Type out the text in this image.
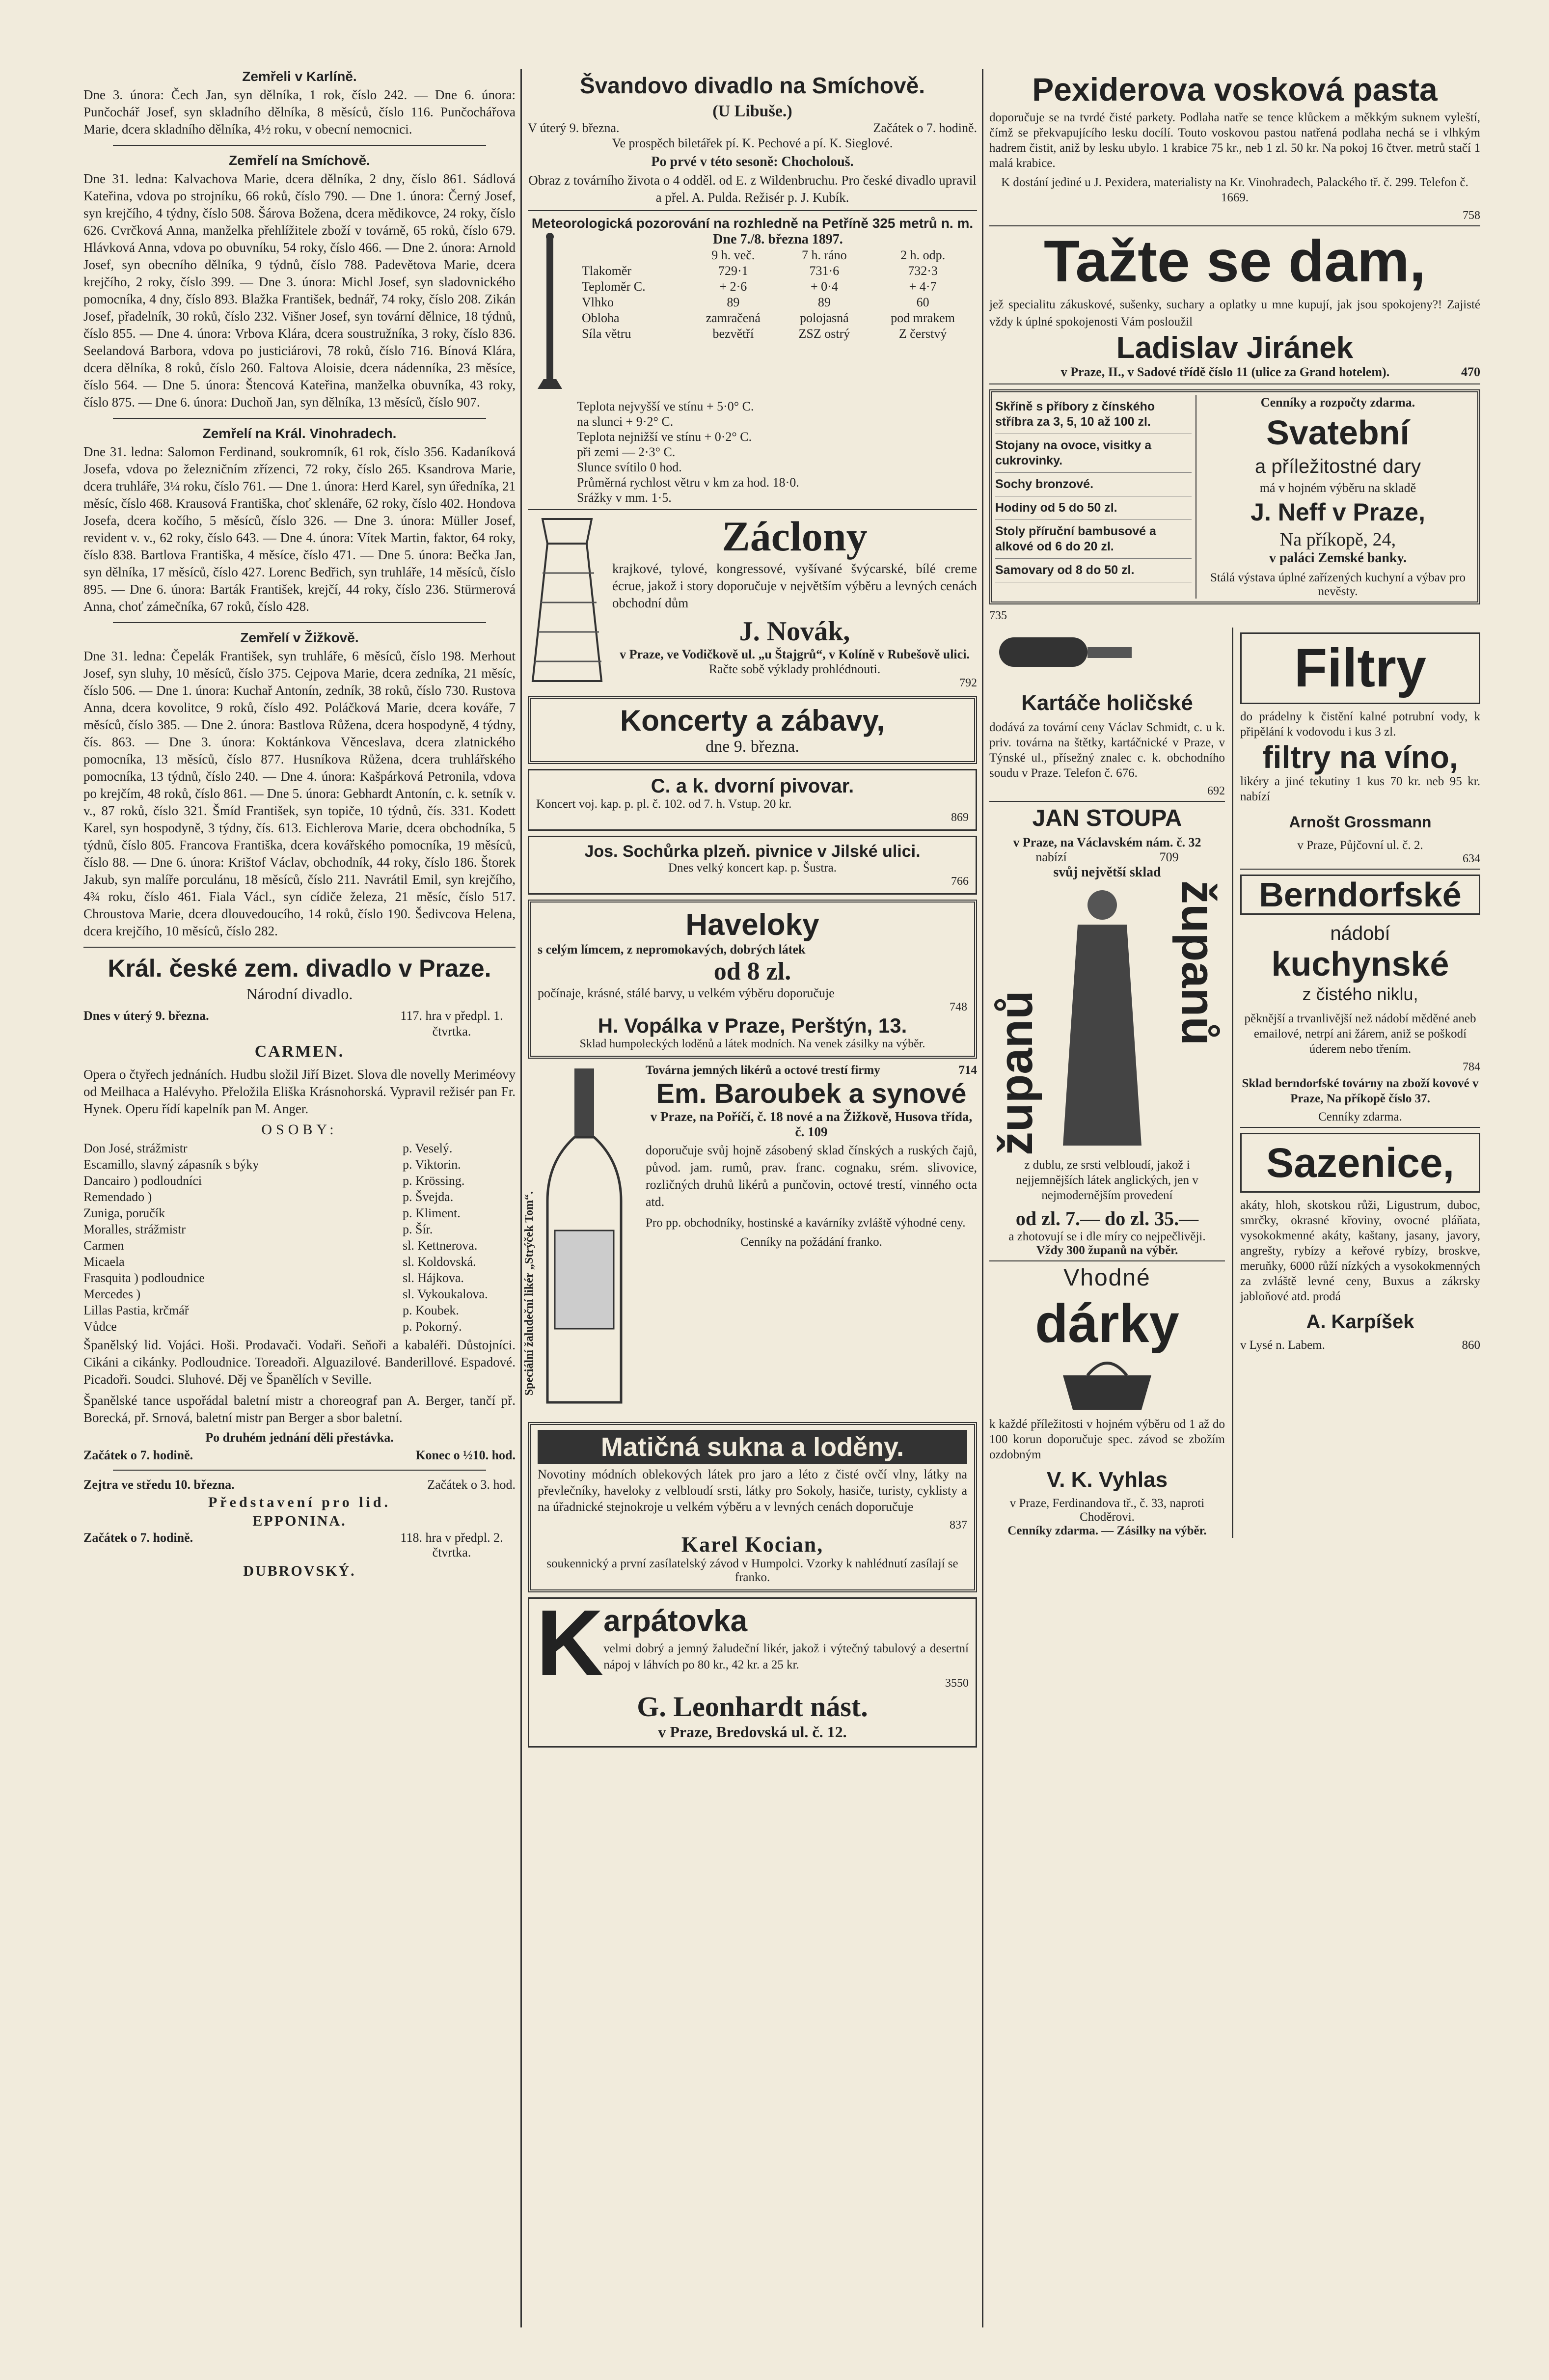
Zemřeli v Karlíně.

Dne 3. února: Čech Jan, syn dělníka, 1 rok, číslo 242. — Dne 6. února: Punčochář Josef, syn skladního dělníka, 8 měsíců, číslo 116. Punčochářova Marie, dcera skladního dělníka, 4½ roku, v obecní nemocnici.

Zemřelí na Smíchově.

Dne 31. ledna: Kalvachova Marie, dcera dělníka, 2 dny, číslo 861. Sádlová Kateřina, vdova po strojníku, 66 roků, číslo 790. — Dne 1. února: Černý Josef, syn krejčího, 4 týdny, číslo 508. Šárova Božena, dcera mědikovce, 24 roky, číslo 626. Cvrčková Anna, manželka přehlížitele zboží v továrně, 65 roků, číslo 679. Hlávková Anna, vdova po obuvníku, 54 roky, číslo 466. — Dne 2. února: Arnold Josef, syn obecního dělníka, 9 týdnů, číslo 788. Padevětova Marie, dcera krejčího, 2 roky, číslo 399. — Dne 3. února: Michl Josef, syn sladovnického pomocníka, 4 dny, číslo 893. Blažka František, bednář, 74 roky, číslo 208. Zikán Josef, přadelník, 30 roků, číslo 232. Višner Josef, syn tovární dělnice, 18 týdnů, číslo 855. — Dne 4. února: Vrbova Klára, dcera soustružníka, 3 roky, číslo 836. Seelandová Barbora, vdova po justiciárovi, 78 roků, číslo 716. Bínová Klára, dcera dělníka, 8 roků, číslo 260. Faltova Aloisie, dcera nádenníka, 23 měsíce, číslo 564. — Dne 5. února: Štencová Kateřina, manželka obuvníka, 43 roky, číslo 875. — Dne 6. února: Duchoň Jan, syn dělníka, 13 měsíců, číslo 907.

Zemřelí na Král. Vinohradech.

Dne 31. ledna: Salomon Ferdinand, soukromník, 61 rok, číslo 356. Kadaníková Josefa, vdova po železničním zřízenci, 72 roky, číslo 265. Ksandrova Marie, dcera truhláře, 3¼ roku, číslo 761. — Dne 1. února: Herd Karel, syn úředníka, 21 měsíc, číslo 468. Krausová Františka, choť sklenáře, 62 roky, číslo 402. Hondova Josefa, dcera kočího, 5 měsíců, číslo 326. — Dne 3. února: Müller Josef, revident v. v., 62 roky, číslo 643. — Dne 4. února: Vítek Martin, faktor, 64 roky, číslo 838. Bartlova Františka, 4 měsíce, číslo 471. — Dne 5. února: Bečka Jan, syn dělníka, 17 měsíců, číslo 427. Lorenc Bedřich, syn truhláře, 14 měsíců, číslo 895. — Dne 6. února: Barták František, krejčí, 44 roky, číslo 236. Stürmerová Anna, choť zámečníka, 67 roků, číslo 428.

Zemřelí v Žižkově.

Dne 31. ledna: Čepelák František, syn truhláře, 6 měsíců, číslo 198. Merhout Josef, syn sluhy, 10 měsíců, číslo 375. Cejpova Marie, dcera zedníka, 21 měsíc, číslo 506. — Dne 1. února: Kuchař Antonín, zedník, 38 roků, číslo 730. Rustova Anna, dcera kovolitce, 9 roků, číslo 492. Poláčková Marie, dcera kováře, 7 měsíců, číslo 385. — Dne 2. února: Bastlova Růžena, dcera hospodyně, 4 týdny, čís. 863. — Dne 3. února: Koktánkova Věnceslava, dcera zlatnického pomocníka, 13 měsíců, číslo 877. Husníkova Růžena, dcera truhlářského pomocníka, 13 týdnů, číslo 240. — Dne 4. února: Kašpárková Petronila, vdova po krejčím, 48 roků, číslo 861. — Dne 5. února: Gebhardt Antonín, c. k. setník v. v., 87 roků, číslo 321. Šmíd František, syn topiče, 10 týdnů, čís. 331. Kodett Karel, syn hospodyně, 3 týdny, čís. 613. Eichlerova Marie, dcera obchodníka, 5 týdnů, číslo 805. Francova Františka, dcera kovářského pomocníka, 19 měsíců, číslo 88. — Dne 6. února: Krištof Václav, obchodník, 44 roky, číslo 186. Štorek Jakub, syn malíře porculánu, 18 měsíců, číslo 211. Navrátil Emil, syn krejčího, 4¾ roku, číslo 461. Fiala Václ., syn cídiče železa, 21 měsíc, číslo 517. Chroustova Marie, dcera dlouvedoucího, 14 roků, číslo 190. Šedivcova Helena, dcera krejčího, 10 měsíců, číslo 282.

Král. české zem. divadlo v Praze.
Národní divadlo.
Dnes v úterý 9. března.	117. hra v předpl. 1. čtvrtka.
CARMEN.

Opera o čtyřech jednáních. Hudbu složil Jiří Bizet. Slova dle novelly Meriméovy od Meilhaca a Halévyho. Přeložila Eliška Krásnohorská. Vypravil režisér pan Fr. Hynek. Operu řídí kapelník pan M. Anger.

OSOBY:
Don José, strážmistr	p. Veselý.
Escamillo, slavný zápasník s býky	p. Viktorin.
Dancairo ) podloudníci	p. Krössing.
Remendado )	p. Švejda.
Zuniga, poručík	p. Kliment.
Moralles, strážmistr	p. Šír.
Carmen	sl. Kettnerova.
Micaela	sl. Koldovská.
Frasquita ) podloudnice	sl. Hájkova.
Mercedes )	sl. Vykoukalova.
Lillas Pastia, krčmář	p. Koubek.
Vůdce	p. Pokorný.

Španělský lid. Vojáci. Hoši. Prodavači. Vodaři. Seňoři a kabaléři. Důstojníci. Cikáni a cikánky. Podloudnice. Toreadoři. Alguazilové. Banderillové. Espadové. Picadoři. Soudci. Sluhové. Děj ve Španělích v Seville.

Španělské tance uspořádal baletní mistr a choreograf pan A. Berger, tančí př. Borecká, př. Srnová, baletní mistr pan Berger a sbor baletní.

Po druhém jednání děli přestávka.
Začátek o 7. hodině.	Konec o ½10. hod.
Zejtra ve středu 10. března.	Začátek o 3. hod.
Představení pro lid.
EPPONINA.
Začátek o 7. hodině.	118. hra v předpl. 2. čtvrtka.
DUBROVSKÝ.
Švandovo divadlo na Smíchově.
(U Libuše.)
V úterý 9. března.	Začátek o 7. hodině.
Ve prospěch biletářek pí. K. Pechové a pí. K. Sieglové.
Po prvé v této sesoně: Chocholouš.

Obraz z továrního života o 4 odděl. od E. z Wildenbruchu. Pro české divadlo upravil a přel. A. Pulda. Režisér p. J. Kubík.

Meteorologická pozorování na rozhledně na Petříně 325 metrů n. m.
Dne 7./8. března 1897.
	9 h. več.	7 h. ráno	2 h. odp.
Tlakoměr	729·1	731·6	732·3
Teploměr C.	+ 2·6	+ 0·4	+ 4·7
Vlhko	89	89	60
Obloha	zamračená	polojasná	pod mrakem
Síla větru	bezvětří	ZSZ ostrý	Z čerstvý
Teplota nejvyšší ve stínu + 5·0° C.
na slunci + 9·2° C.
Teplota nejnižší ve stínu + 0·2° C.
při zemi — 2·3° C.
Slunce svítilo 0 hod.
Průměrná rychlost větru v km za hod. 18·0.
Srážky v mm. 1·5.
Záclony

krajkové, tylové, kongressové, vyšívané švýcarské, bílé creme écrue, jakož i story doporučuje v největším výběru a levných cenách obchodní dům

J. Novák,
v Praze, ve Vodičkově ul. „u Štajgrů“, v Kolíně v Rubešově ulici.
Račte sobě výklady prohlédnouti.
792
Koncerty a zábavy,
dne 9. března.
C. a k. dvorní pivovar.
Koncert voj. kap. p. pl. č. 102. od 7. h. Vstup. 20 kr.
869
Jos. Sochůrka plzeň. pivnice v Jilské ulici.
Dnes velký koncert kap. p. Šustra.
766
Haveloky
s celým límcem, z nepromokavých, dobrých látek
od 8 zl.
počínaje, krásné, stálé barvy, u velkém výběru doporučuje
748
H. Vopálka v Praze, Perštýn, 13.
Sklad humpoleckých loděnů a látek modních. Na venek zásilky na výběr.
Speciální žaludeční likér „Strýček Tom“.
Továrna jemných likérů a octové trestí firmy	714
Em. Baroubek a synové
v Praze, na Poříčí, č. 18 nové a na Žižkově, Husova třída, č. 109

doporučuje svůj hojně zásobený sklad čínských a ruských čajů, původ. jam. rumů, prav. franc. cognaku, srém. slivovice, rozličných druhů likérů a punčovin, octové trestí, vinného octa atd.

Pro pp. obchodníky, hostinské a kavárníky zvláště výhodné ceny.

Cenníky na požádání franko.
Matičná sukna a loděny.

Novotiny módních oblekových látek pro jaro a léto z čisté ovčí vlny, látky na převlečníky, haveloky z velbloudí srsti, látky pro Sokoly, hasiče, turisty, cyklisty a na úřadnické stejnokroje u velkém výběru a v levných cenách doporučuje

837
Karel Kocian,
soukennický a první zasílatelský závod v Humpolci. Vzorky k nahlédnutí zasílají se franko.
K arpátovka

velmi dobrý a jemný žaludeční likér, jakož i výtečný tabulový a desertní nápoj v láhvích po 80 kr., 42 kr. a 25 kr.

3550
G. Leonhardt nást.
v Praze, Bredovská ul. č. 12.
Pexiderova vosková pasta

doporučuje se na tvrdé čisté parkety. Podlaha natře se tence klůckem a měkkým suknem vyleští, čímž se překvapujícího lesku docílí. Touto voskovou pastou natřená podlaha nechá se i vlhkým hadrem čistit, aniž by lesku ubylo. 1 krabice 75 kr., neb 1 zl. 50 kr. Na pokoj 16 čtver. metrů stačí 1 malá krabice.

K dostání jediné u J. Pexidera, materialisty na Kr. Vinohradech, Palackého tř. č. 299. Telefon č. 1669.

758
Tažte se dam,

jež specialitu zákuskové, sušenky, suchary a oplatky u mne kupují, jak jsou spokojeny?! Zajisté vždy k úplné spokojenosti Vám posloužil

Ladislav Jiránek
v Praze, II., v Sadové třídě číslo 11 (ulice za Grand hotelem).	470
Skříně s příbory z čínského stříbra za 3, 5, 10 až 100 zl.
Stojany na ovoce, visitky a cukrovinky.
Sochy bronzové.
Hodiny od 5 do 50 zl.
Stoly příruční bambusové a alkové od 6 do 20 zl.
Samovary od 8 do 50 zl.
Cenníky a rozpočty zdarma.
Svatební
a příležitostné dary
má v hojném výběru na skladě
J. Neff v Praze,
Na příkopě, 24,
v paláci Zemské banky.
Stálá výstava úplné zařízených kuchyní a výbav pro nevěsty.
735
Kartáče holičské

dodává za tovární ceny Václav Schmidt, c. u k. priv. továrna na štětky, kartáčnické v Praze, v Týnské ul., přísežný znalec c. k. obchodního soudu v Praze. Telefon č. 676.

692
JAN STOUPA
v Praze, na Václavském nám. č. 32
nabízí	709
svůj největší sklad
županů
županů

z dublu, ze srsti velbloudí, jakož i nejjemnějších látek anglických, jen v nejmodernějším provedení

od zl. 7.— do zl. 35.—
a zhotovují se i dle míry co nejpečlivěji.
Vždy 300 županů na výběr.
Vhodné
dárky

k každé příležitosti v hojném výběru od 1 až do 100 korun doporučuje spec. závod se zbožím ozdobným

V. K. Vyhlas
v Praze, Ferdinandova tř., č. 33, naproti Choděrovi.
Cenníky zdarma. — Zásilky na výběr.
Filtry

do prádelny k čistění kalné potrubní vody, k připělání k vodovodu i kus 3 zl.

filtry na víno,

likéry a jiné tekutiny 1 kus 70 kr. neb 95 kr. nabízí

Arnošt Grossmann
v Praze, Půjčovní ul. č. 2.
634
Berndorfské
nádobí
kuchynské
z čistého niklu,

pěknější a trvanlivější než nádobí měděné aneb emailové, netrpí ani žárem, aniž se poškodí úderem nebo třením.

784

Sklad berndorfské továrny na zboží kovové v Praze, Na příkopě číslo 37.

Cenníky zdarma.
Sazenice,

akáty, hloh, skotskou růži, Ligustrum, duboc, smrčky, okrasné křoviny, ovocné pláňata, vysokokmenné akáty, kaštany, jasany, javory, angrešty, rybízy a keřové rybízy, broskve, meruňky, 6000 růží nízkých a vysokokmenných za zvláště levné ceny, Buxus a zákrsky jabloňové atd. prodá

A. Karpíšek
v Lysé n. Labem.	860
